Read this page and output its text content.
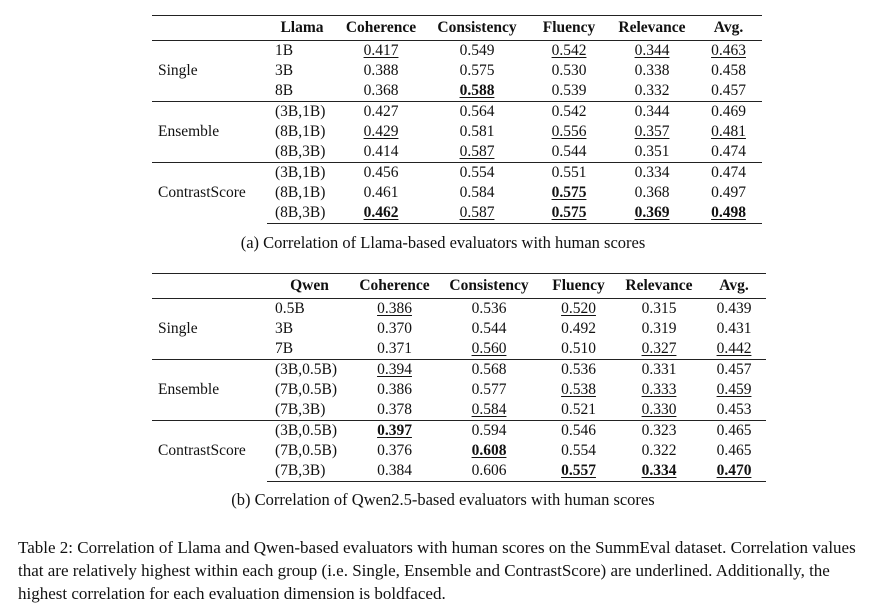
	Llama	Coherence	Consistency	Fluency	Relevance	Avg.
Single	1B	0.417	0.549	0.542	0.344	0.463
	3B	0.388	0.575	0.530	0.338	0.458
	8B	0.368	0.588	0.539	0.332	0.457
Ensemble	(3B,1B)	0.427	0.564	0.542	0.344	0.469
	(8B,1B)	0.429	0.581	0.556	0.357	0.481
	(8B,3B)	0.414	0.587	0.544	0.351	0.474
ContrastScore	(3B,1B)	0.456	0.554	0.551	0.334	0.474
	(8B,1B)	0.461	0.584	0.575	0.368	0.497
	(8B,3B)	0.462	0.587	0.575	0.369	0.498
(a) Correlation of Llama-based evaluators with human scores
	Qwen	Coherence	Consistency	Fluency	Relevance	Avg.
Single	0.5B	0.386	0.536	0.520	0.315	0.439
	3B	0.370	0.544	0.492	0.319	0.431
	7B	0.371	0.560	0.510	0.327	0.442
Ensemble	(3B,0.5B)	0.394	0.568	0.536	0.331	0.457
	(7B,0.5B)	0.386	0.577	0.538	0.333	0.459
	(7B,3B)	0.378	0.584	0.521	0.330	0.453
ContrastScore	(3B,0.5B)	0.397	0.594	0.546	0.323	0.465
	(7B,0.5B)	0.376	0.608	0.554	0.322	0.465
	(7B,3B)	0.384	0.606	0.557	0.334	0.470
(b) Correlation of Qwen2.5-based evaluators with human scores

Table 2: Correlation of Llama and Qwen-based evaluators with human scores on the SummEval dataset. Correlation values that are relatively highest within each group (i.e. Single, Ensemble and ContrastScore) are underlined. Additionally, the highest correlation for each evaluation dimension is boldfaced.
